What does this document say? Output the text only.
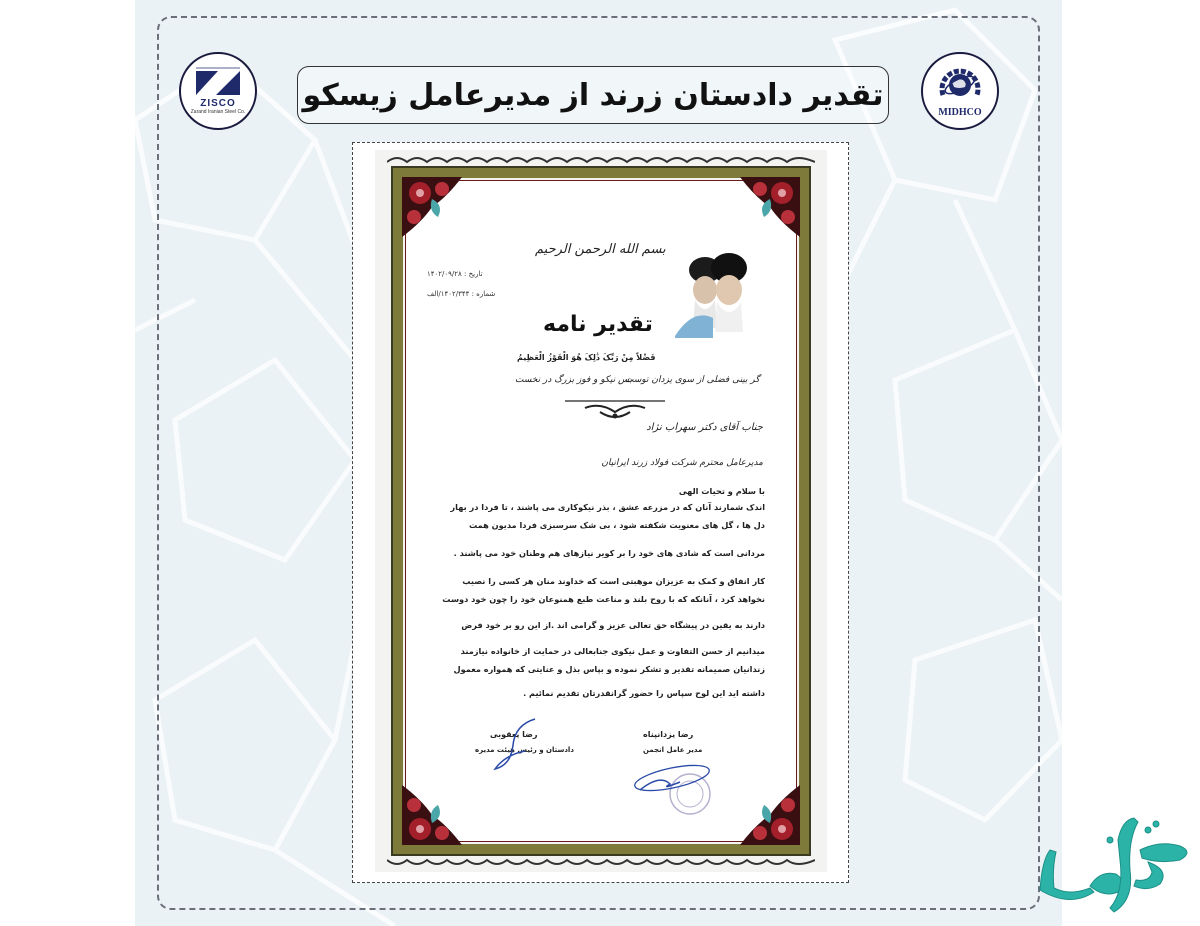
ZISCO
Zarand Iranian Steel Co. تقدیر دادستان زرند از مدیرعامل زیسکو	MIDHCO
بسم الله الرحمن الرحیم
تاریخ : ۱۴۰۲/۰۹/۲۸
شماره : ۱۴۰۲/۳۴۴/الف
تقدیر نامه
فَضْلاً مِنْ رَبِّکَ ذَٰلِکَ هُوَ الْفَوْزُ الْعَظِیمُ
گر بینی فضلی از سوی یزدان توست
بس نیکو و فوز بزرگ در نخست
جناب آقای دکتر سهراب نژاد
مدیرعامل محترم شرکت فولاد زرند ایرانیان
با سلام و تحیات الهی
اندک شمارند آنان که در مزرعه عشق ، بذر نیکوکاری می پاشند ، تا فردا در بهار
دل ها ، گل های معنویت شکفته شود ، بی شک سرسبزی فردا مدیون همت
مردانی است که شادی های خود را بر کویر نیازهای هم وطنان خود می پاشند .
کار انفاق و کمک به عزیزان موهبتی است که خداوند منان هر کسی را نصیب
نخواهد کرد ، آنانکه که با روح بلند و مناعت طبع همنوعان خود را چون خود دوست
دارند به یقین در پیشگاه حق تعالی عزیز و گرامی اند .از این رو بر خود فرض
میدانیم از حسن التفاوت و عمل نیکوی جنابعالی در حمایت از خانواده نیازمند
زندانیان صمیمانه تقدیر و تشکر نموده و بپاس بذل و عنایتی که همواره معمول
داشته اید این لوح سپاس را حضور گرانقدرتان تقدیم نمائیم .
رضا یزدانپناه
مدیر عامل انجمن
رضا یعقوبی
دادستان و رئیس هیئت مدیره
